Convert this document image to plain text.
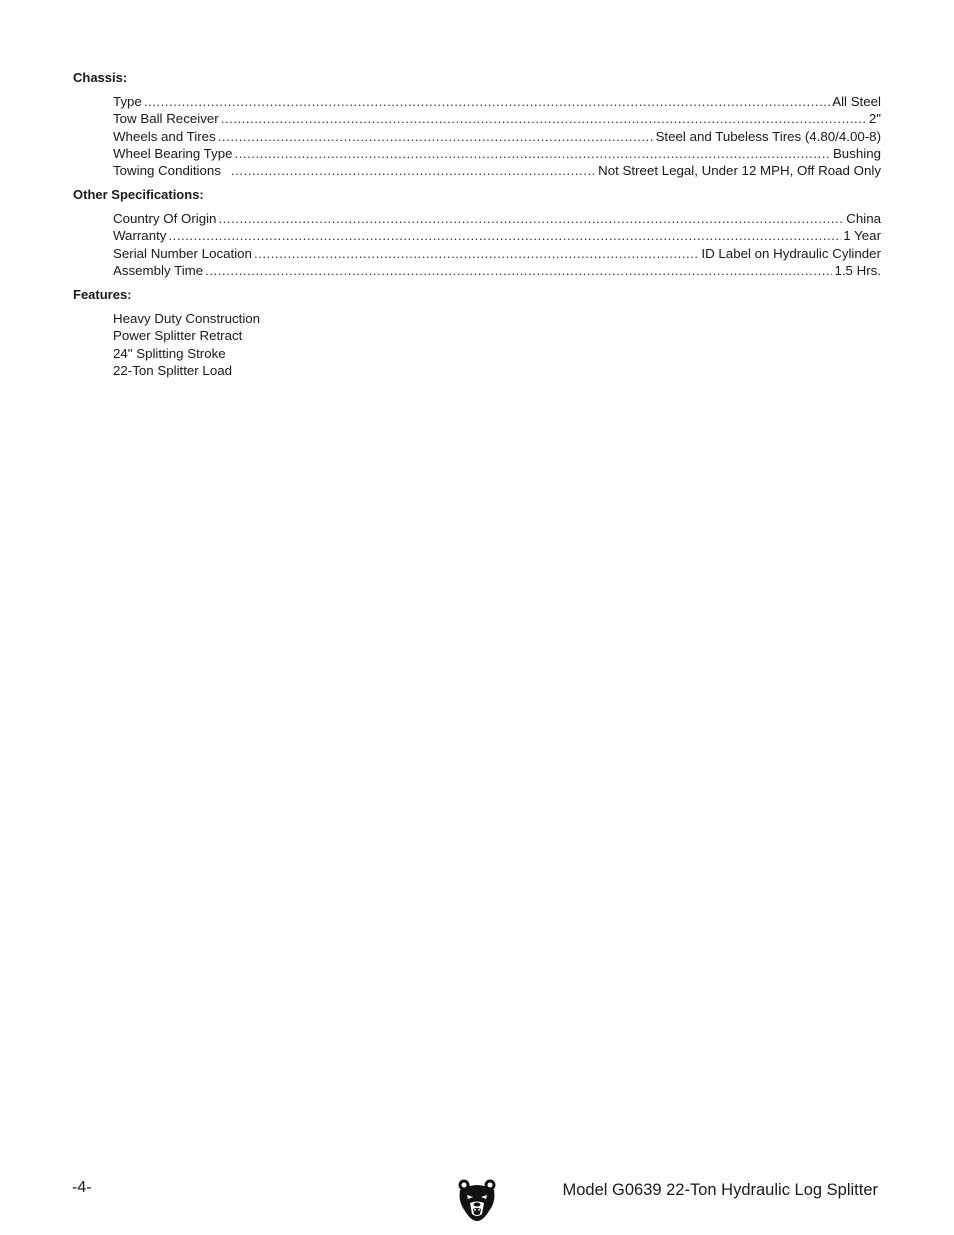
Chassis:
Type .....	All Steel
Tow Ball Receiver .....	2"
Wheels and Tires .....	Steel and Tubeless Tires (4.80/4.00-8)
Wheel Bearing Type .....	Bushing
Towing Conditions .....	Not Street Legal, Under 12 MPH, Off Road Only
Other Specifications:
Country Of Origin .....	China
Warranty .....	1 Year
Serial Number Location .....	ID Label on Hydraulic Cylinder
Assembly Time .....	1.5 Hrs.
Features:
Heavy Duty Construction
Power Splitter Retract
24" Splitting Stroke
22-Ton Splitter Load
-4-	Model G0639 22-Ton Hydraulic Log Splitter
